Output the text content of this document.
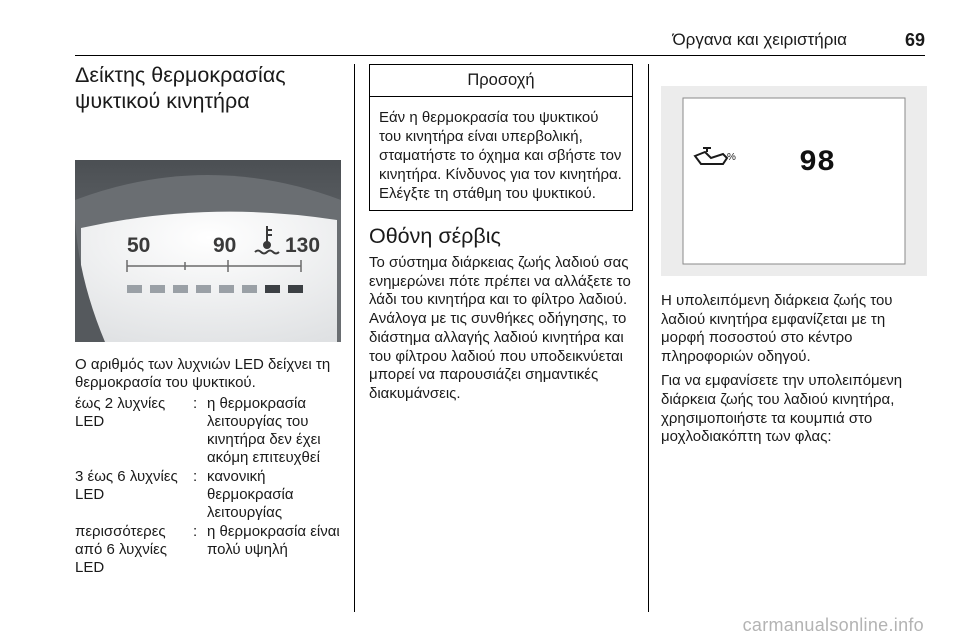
Όργανα και χειριστήρια	69
Δείκτης θερμοκρασίας ψυκτικού κινητήρα
50	90 130

Ο αριθμός των λυχνιών LED δείχνει τη θερμοκρασία του ψυκτικού.

έως 2 λυχνίες LED
: η θερμοκρασία λειτουργίας του κινητήρα δεν έχει ακόμη επιτευχθεί
3 έως 6 λυχνίες LED
: κανονική θερμοκρασία λειτουργίας
περισσότερες από 6 λυχνίες LED
: η θερμοκρασία είναι πολύ υψηλή
Προσοχή
Εάν η θερμοκρασία του ψυκτικού του κινητήρα είναι υπερβολική, σταματήστε το όχημα και σβήστε τον κινητήρα. Κίνδυνος για τον κινητήρα. Ελέγξτε τη στάθμη του ψυκτικού.
Οθόνη σέρβις

Το σύστημα διάρκειας ζωής λαδιού σας ενημερώνει πότε πρέπει να αλλάξετε το λάδι του κινητήρα και το φίλτρο λαδιού. Ανάλογα με τις συνθήκες οδήγησης, το διάστημα αλλαγής λαδιού κινητήρα και του φίλτρου λαδιού που υποδεικνύεται μπορεί να παρουσιάζει σημαντικές διακυμάνσεις.

% 98

Η υπολειπόμενη διάρκεια ζωής του λαδιού κινητήρα εμφανίζεται με τη μορφή ποσοστού στο κέντρο πληροφοριών οδηγού.

Για να εμφανίσετε την υπολειπόμενη διάρκεια ζωής του λαδιού κινητήρα, χρησιμοποιήστε τα κουμπιά στο μοχλοδιακόπτη των φλας:

carmanualsonline.info
